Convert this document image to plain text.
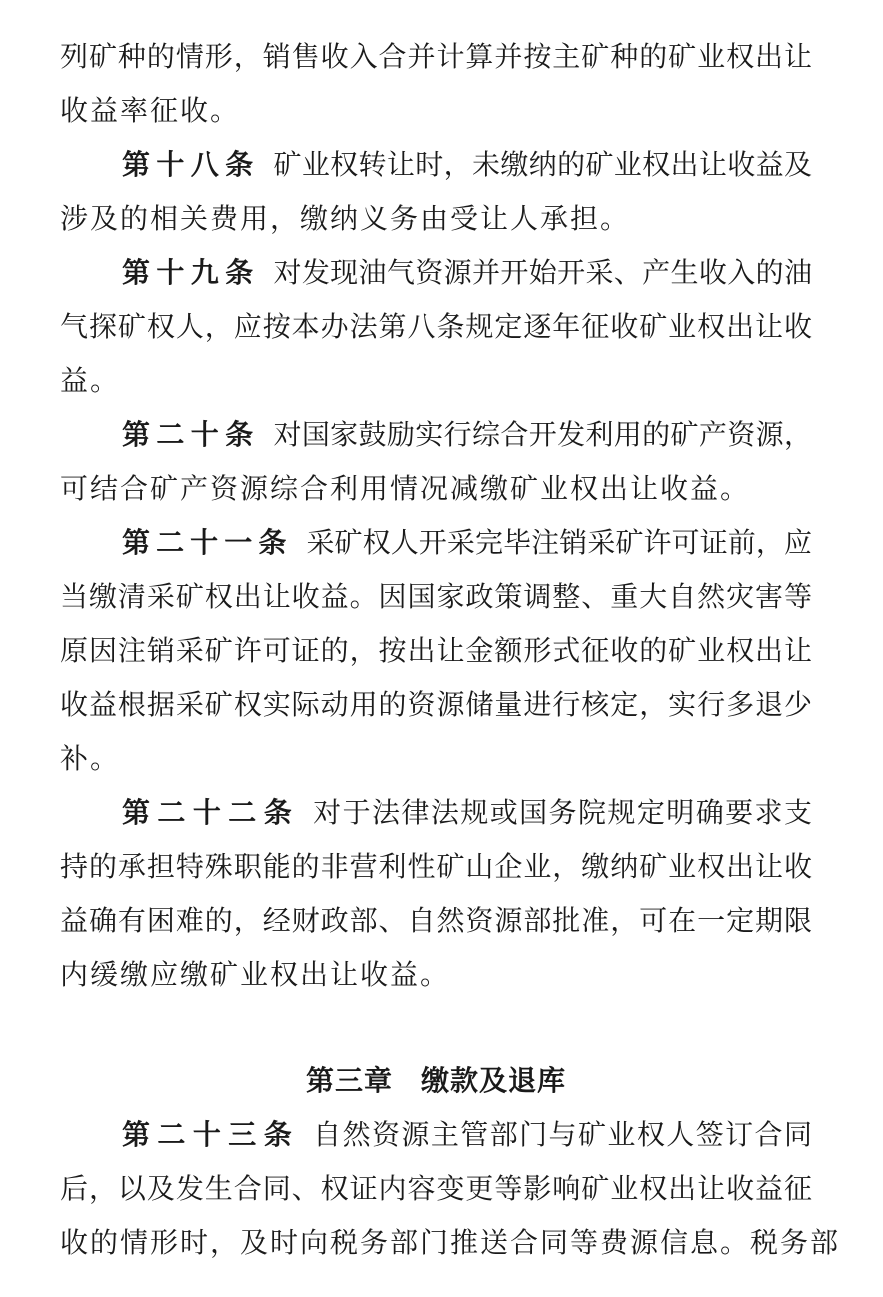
列矿种的情形，销售收入合并计算并按主矿种的矿业权出让
收益率征收。
第十八条 矿业权转让时，未缴纳的矿业权出让收益及
涉及的相关费用，缴纳义务由受让人承担。
第十九条 对发现油气资源并开始开采、产生收入的油
气探矿权人，应按本办法第八条规定逐年征收矿业权出让收
益。
第二十条 对国家鼓励实行综合开发利用的矿产资源，
可结合矿产资源综合利用情况减缴矿业权出让收益。
第二十一条 采矿权人开采完毕注销采矿许可证前，应
当缴清采矿权出让收益。因国家政策调整、重大自然灾害等
原因注销采矿许可证的，按出让金额形式征收的矿业权出让
收益根据采矿权实际动用的资源储量进行核定，实行多退少
补。
第二十二条 对于法律法规或国务院规定明确要求支
持的承担特殊职能的非营利性矿山企业，缴纳矿业权出让收
益确有困难的，经财政部、自然资源部批准，可在一定期限
内缓缴应缴矿业权出让收益。
第三章 缴款及退库
第二十三条 自然资源主管部门与矿业权人签订合同
后，以及发生合同、权证内容变更等影响矿业权出让收益征
收的情形时，及时向税务部门推送合同等费源信息。税务部
